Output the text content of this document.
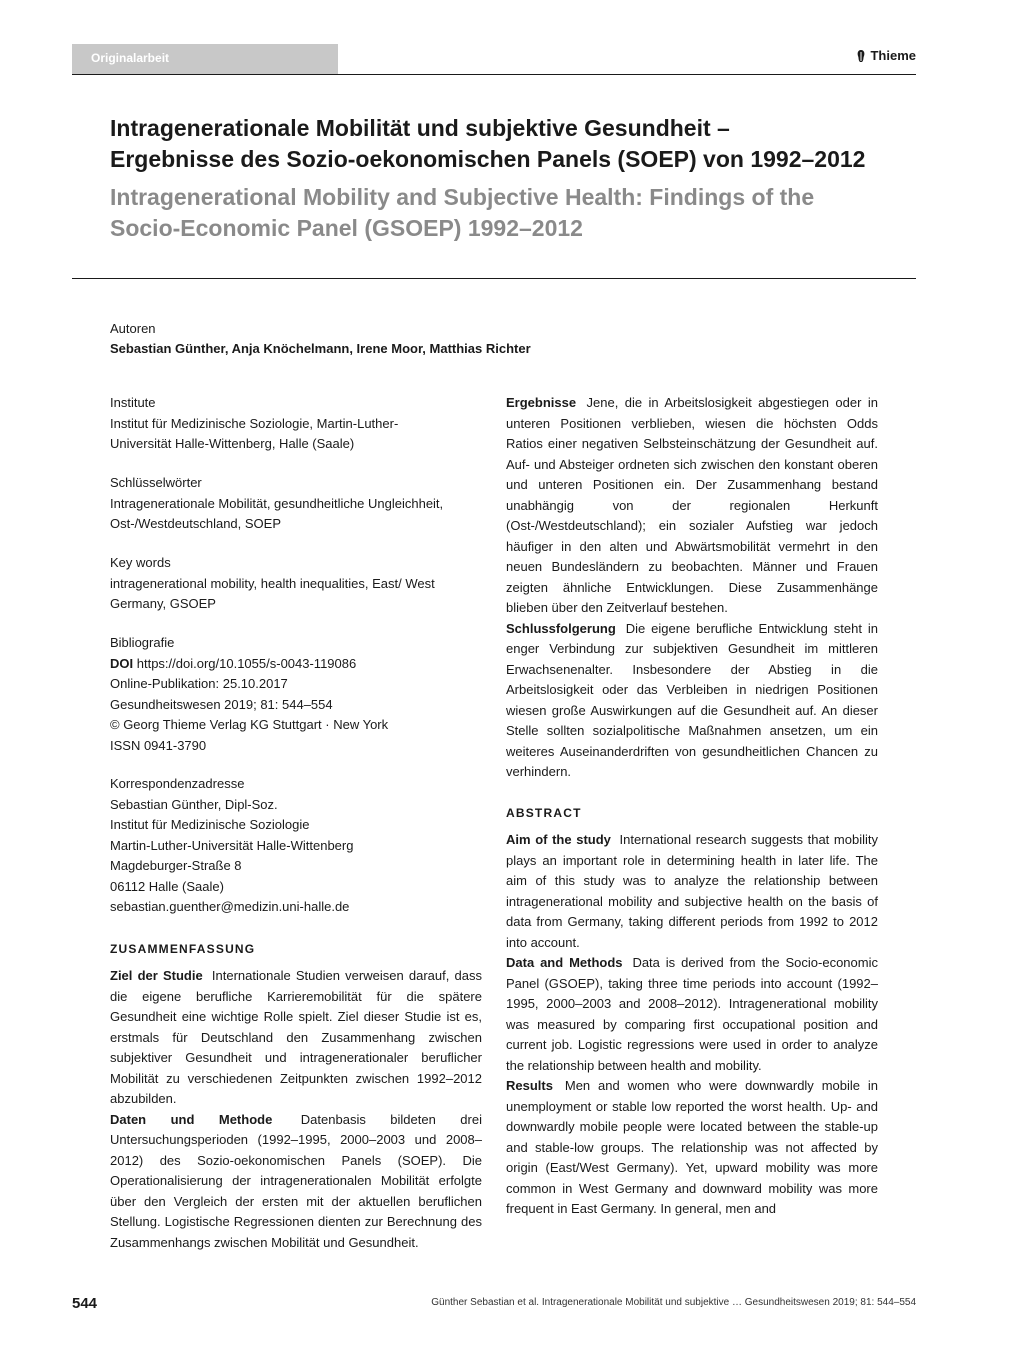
Originalarbeit	Thieme
Intragenerationale Mobilität und subjektive Gesundheit –
Ergebnisse des Sozio-oekonomischen Panels (SOEP) von 1992–2012
Intragenerational Mobility and Subjective Health: Findings of the
Socio-Economic Panel (GSOEP) 1992–2012
Autoren
Sebastian Günther, Anja Knöchelmann, Irene Moor, Matthias Richter
Institute
Institut für Medizinische Soziologie, Martin-Luther-
Universität Halle-Wittenberg, Halle (Saale)
Schlüsselwörter
Intragenerationale Mobilität, gesundheitliche Ungleichheit,
Ost-/Westdeutschland, SOEP
Key words
intragenerational mobility, health inequalities, East/ West
Germany, GSOEP
Bibliografie
DOI https://doi.org/10.1055/s-0043-119086
Online-Publikation: 25.10.2017
Gesundheitswesen 2019; 81: 544–554
© Georg Thieme Verlag KG Stuttgart · New York
ISSN 0941-3790
Korrespondenzadresse
Sebastian Günther, Dipl-Soz.
Institut für Medizinische Soziologie
Martin-Luther-Universität Halle-Wittenberg
Magdeburger-Straße 8
06112 Halle (Saale)
sebastian.guenther@medizin.uni-halle.de
ZUSAMMENFASSUNG
Ziel der Studie Internationale Studien verweisen darauf, dass die eigene berufliche Karrieremobilität für die spätere Gesundheit eine wichtige Rolle spielt. Ziel dieser Studie ist es, erstmals für Deutschland den Zusammenhang zwischen subjektiver Gesundheit und intragenerationaler beruflicher Mobilität zu verschiedenen Zeitpunkten zwischen 1992–2012 abzubilden.
Daten und Methode Datenbasis bildeten drei Untersuchungsperioden (1992–1995, 2000–2003 und 2008–2012) des Sozio-oekonomischen Panels (SOEP). Die Operationalisierung der intragenerationalen Mobilität erfolgte über den Vergleich der ersten mit der aktuellen beruflichen Stellung. Logistische Regressionen dienten zur Berechnung des Zusammenhangs zwischen Mobilität und Gesundheit.
Ergebnisse Jene, die in Arbeitslosigkeit abgestiegen oder in unteren Positionen verblieben, wiesen die höchsten Odds Ratios einer negativen Selbsteinschätzung der Gesundheit auf. Auf- und Absteiger ordneten sich zwischen den konstant oberen und unteren Positionen ein. Der Zusammenhang bestand unabhängig von der regionalen Herkunft (Ost-/Westdeutschland); ein sozialer Aufstieg war jedoch häufiger in den alten und Abwärtsmobilität vermehrt in den neuen Bundesländern zu beobachten. Männer und Frauen zeigten ähnliche Entwicklungen. Diese Zusammenhänge blieben über den Zeitverlauf bestehen.
Schlussfolgerung Die eigene berufliche Entwicklung steht in enger Verbindung zur subjektiven Gesundheit im mittleren Erwachsenenalter. Insbesondere der Abstieg in die Arbeitslosigkeit oder das Verbleiben in niedrigen Positionen wiesen große Auswirkungen auf die Gesundheit auf. An dieser Stelle sollten sozialpolitische Maßnahmen ansetzen, um ein weiteres Auseinanderdriften von gesundheitlichen Chancen zu verhindern.
ABSTRACT
Aim of the study International research suggests that mobility plays an important role in determining health in later life. The aim of this study was to analyze the relationship between intragenerational mobility and subjective health on the basis of data from Germany, taking different periods from 1992 to 2012 into account.
Data and Methods Data is derived from the Socio-economic Panel (GSOEP), taking three time periods into account (1992–1995, 2000–2003 and 2008–2012). Intragenerational mobility was measured by comparing first occupational position and current job. Logistic regressions were used in order to analyze the relationship between health and mobility.
Results Men and women who were downwardly mobile in unemployment or stable low reported the worst health. Up- and downwardly mobile people were located between the stable-up and stable-low groups. The relationship was not affected by origin (East/West Germany). Yet, upward mobility was more common in West Germany and downward mobility was more frequent in East Germany. In general, men and
544	Günther Sebastian et al. Intragenerationale Mobilität und subjektive … Gesundheitswesen 2019; 81: 544–554
